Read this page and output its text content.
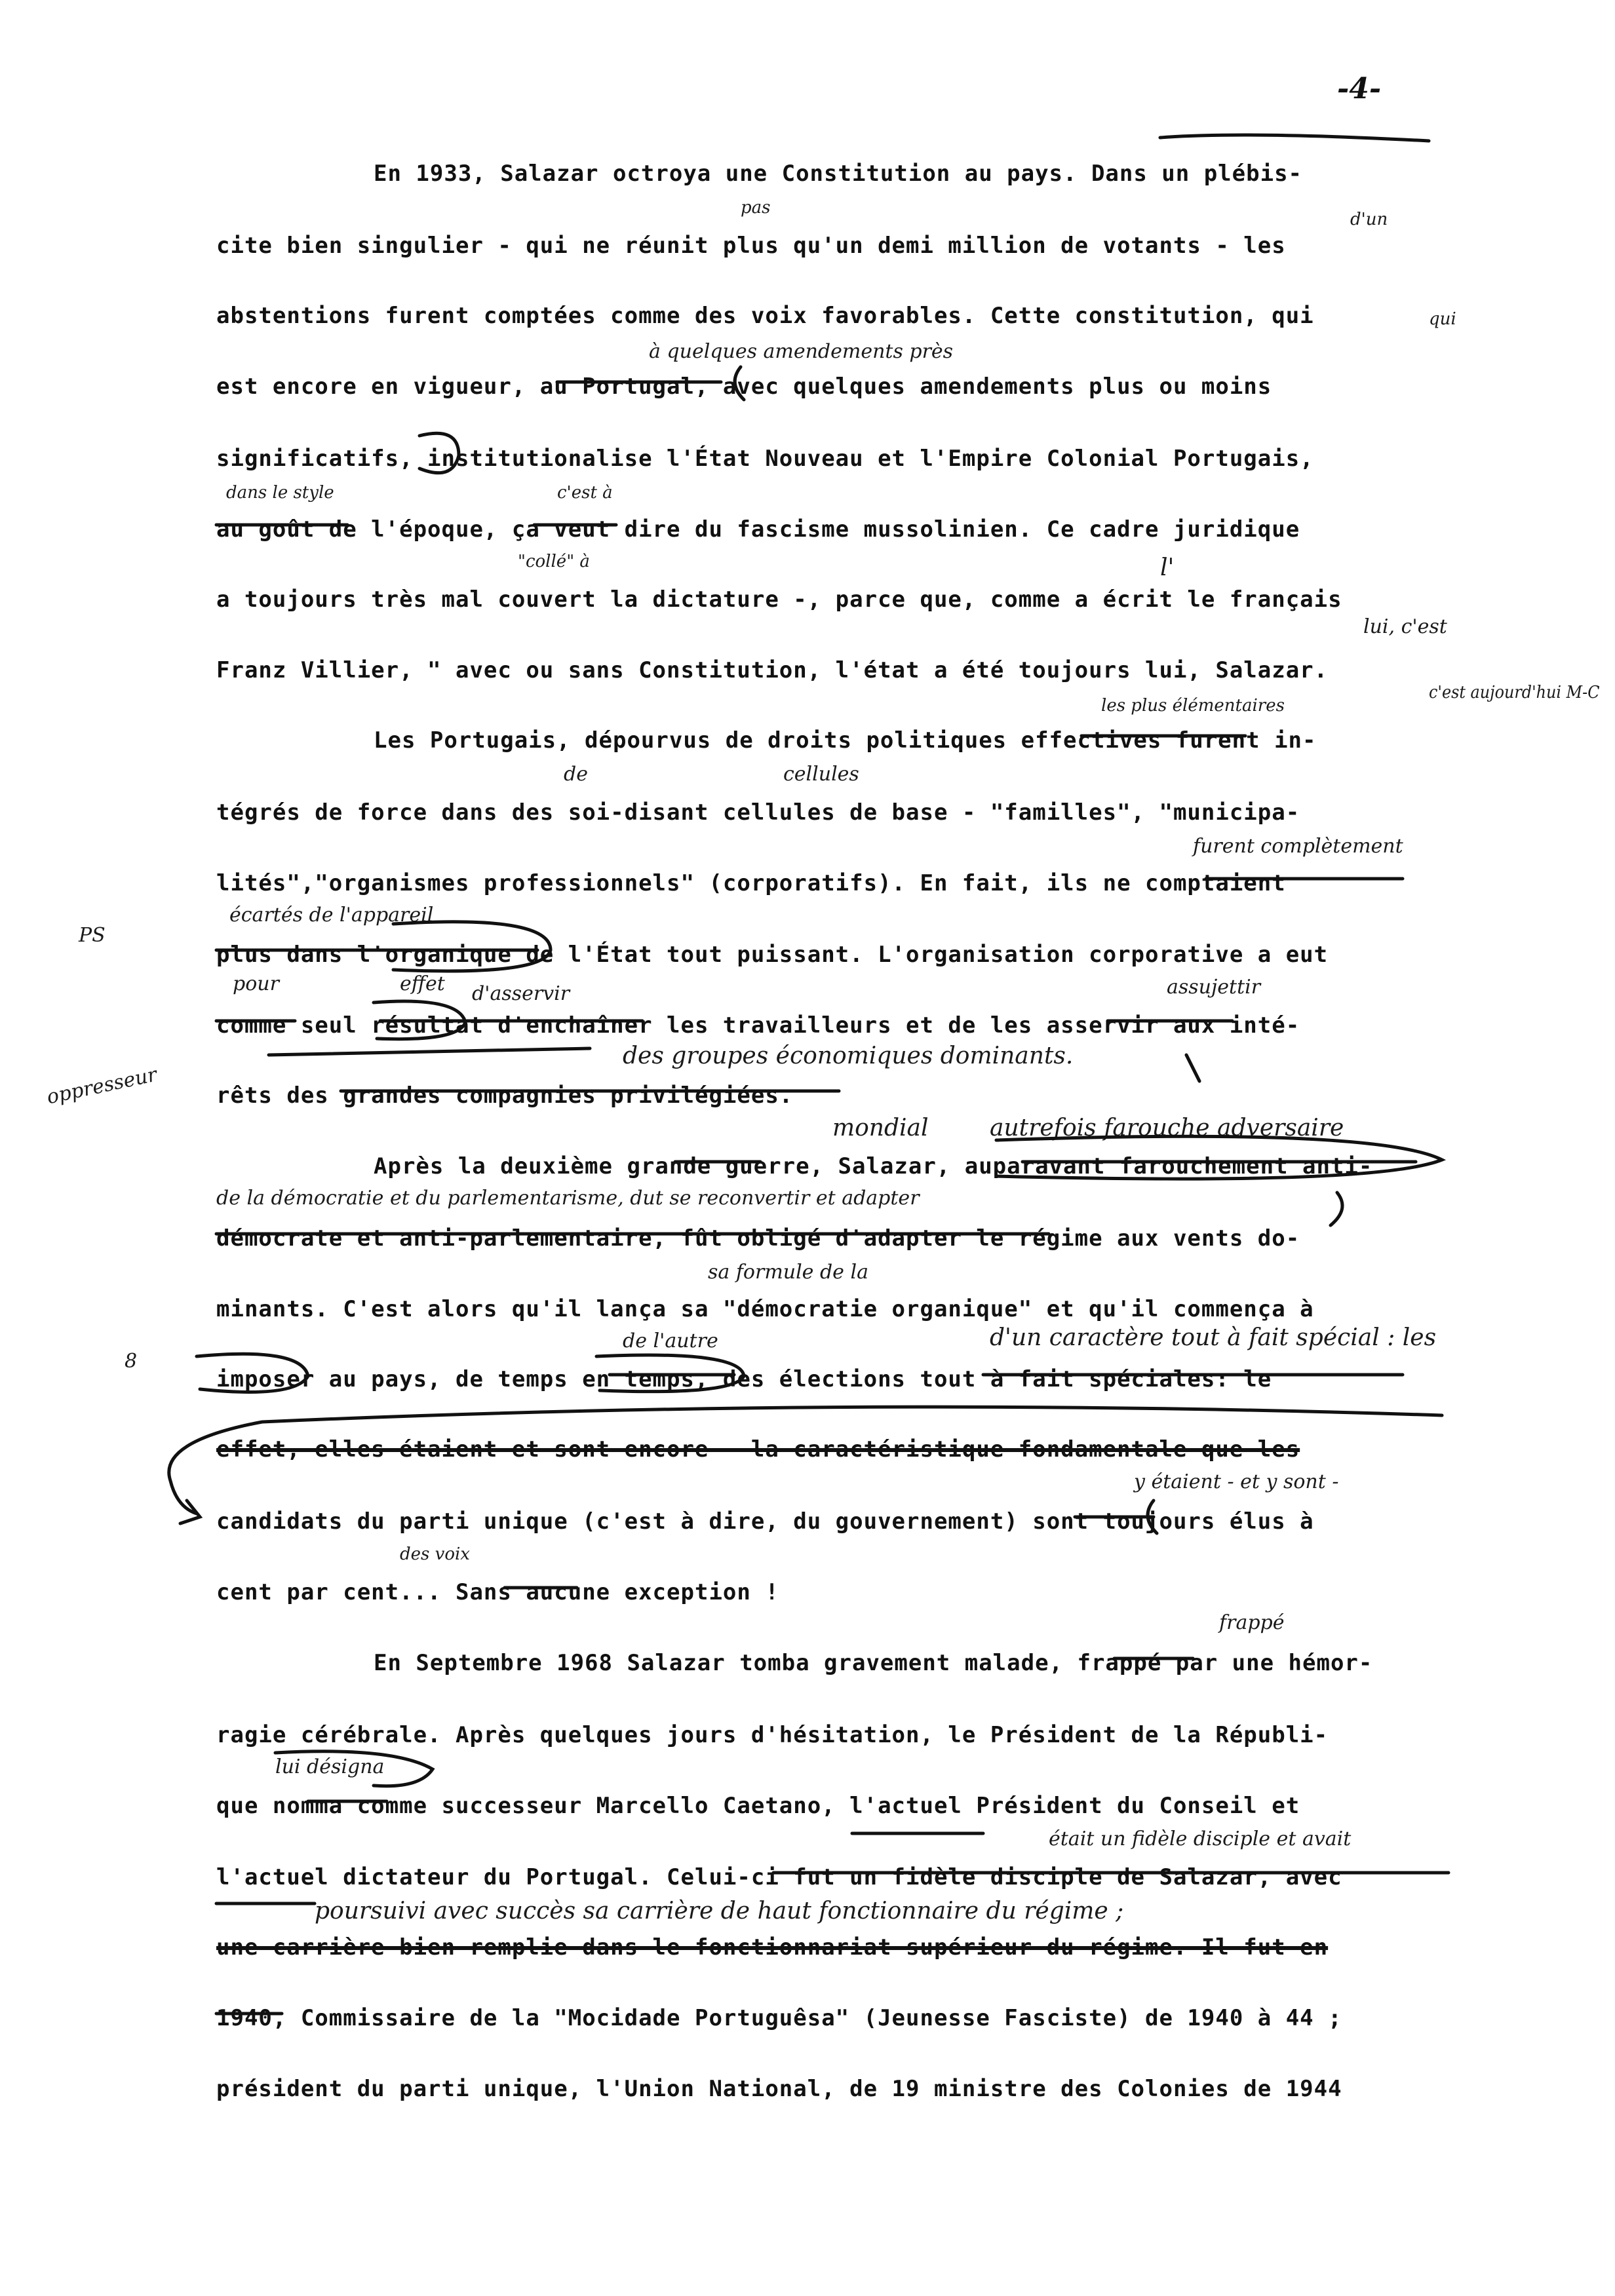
-4-
En 1933, Salazar octroya une Constitution au pays. Dans un plébis-
cite bien singulier - qui ne réunit plus qu'un demi million de votants - les
abstentions furent comptées comme des voix favorables. Cette constitution, qui
est encore en vigueur, au Portugal, avec quelques amendements plus ou moins
significatifs, institutionalise l'État Nouveau et l'Empire Colonial Portugais,
au goût de l'époque, ça veut dire du fascisme mussolinien. Ce cadre juridique
a toujours très mal couvert la dictature -, parce que, comme a écrit le français
Franz Villier, " avec ou sans Constitution, l'état a été toujours lui, Salazar.
Les Portugais, dépourvus de droits politiques effectives furent in-
tégrés de force dans des soi-disant cellules de base - "familles", "municipa-
lités","organismes professionnels" (corporatifs). En fait, ils ne comptaient
plus dans l'organique de l'État tout puissant. L'organisation corporative a eut
comme seul résultat d'enchaîner les travailleurs et de les asservir aux inté-
rêts des grandes compagnies privilégiées.
Après la deuxième grande guerre, Salazar, auparavant farouchement anti-
démocrate et anti-parlementaire, fût obligé d'adapter le régime aux vents do-
minants. C'est alors qu'il lança sa "démocratie organique" et qu'il commença à
imposer au pays, de temps en temps, des élections tout à fait spéciales: le
effet, elles étaient et sont encore - la caractéristique fondamentale que les
candidats du parti unique (c'est à dire, du gouvernement) sont toujours élus à
cent par cent... Sans aucune exception !
En Septembre 1968 Salazar tomba gravement malade, frappé par une hémor-
ragie cérébrale. Après quelques jours d'hésitation, le Président de la Républi-
que nomma comme successeur Marcello Caetano, l'actuel Président du Conseil et
l'actuel dictateur du Portugal. Celui-ci fut un fidèle disciple de Salazar, avec
une carrière bien remplie dans le fonctionnariat supérieur du régime. Il fut en
1940, Commissaire de la "Mocidade Portuguêsa" (Jeunesse Fasciste) de 1940 à 44 ;
président du parti unique, l'Union National, de 19 ministre des Colonies de 1944
pas
d'un
qui
à quelques amendements près
dans le style	c'est à
"collé" à	l'
lui, c'est
c'est aujourd'hui M-C
les plus élémentaires
de	cellules
furent complètement
écartés de l'appareil
pour	effet d'asservir	assujettir
des groupes économiques dominants.
mondial	autrefois farouche adversaire
de la démocratie et du parlementarisme, dut se reconvertir et adapter
sa formule de la
de l'autre	d'un caractère tout à fait spécial : les
y étaient - et y sont -
des voix
frappé
lui désigna
était un fidèle disciple et avait
poursuivi avec succès sa carrière de haut fonctionnaire du régime ;
PS
oppresseur
8
